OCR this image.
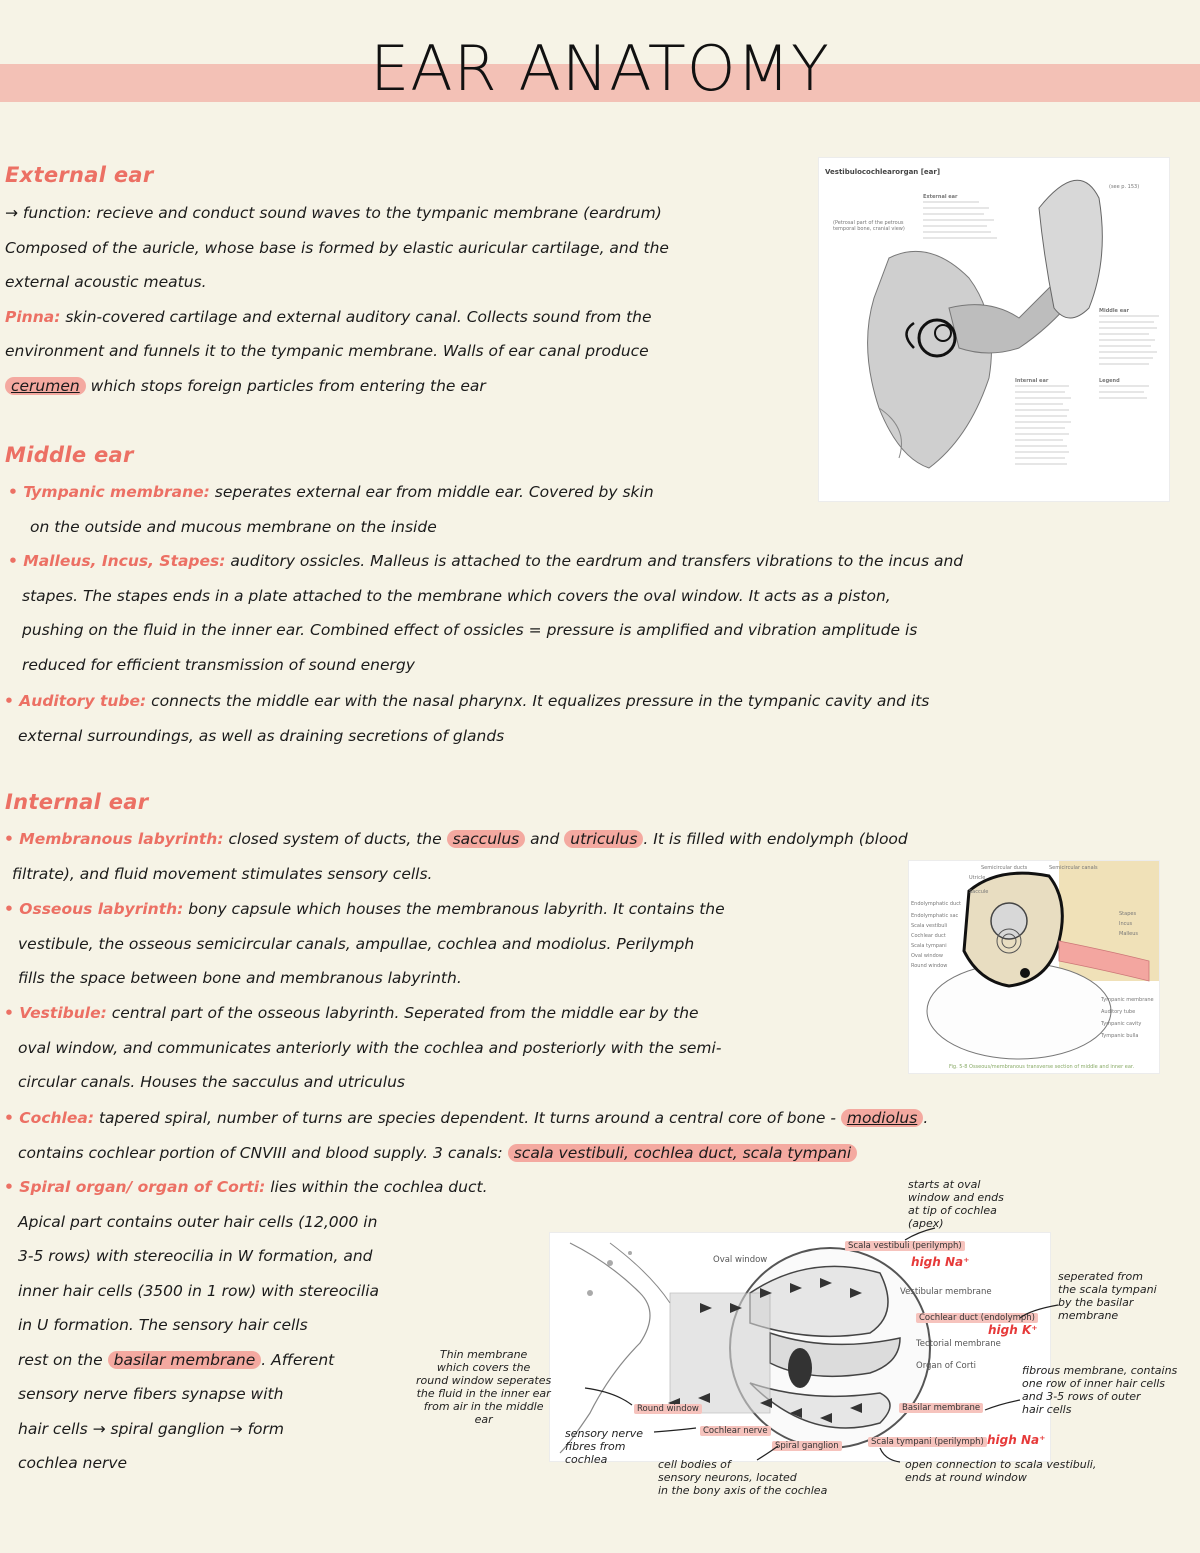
EAR ANATOMY
External ear

→ function: recieve and conduct sound waves to the tympanic membrane (eardrum)

Composed of the auricle, whose base is formed by elastic auricular cartilage, and the

external acoustic meatus.

Pinna: skin-covered cartilage and external auditory canal. Collects sound from the

environment and funnels it to the tympanic membrane. Walls of ear canal produce

cerumen which stops foreign particles from entering the ear

Vestibulocochlearorgan [ear]
(see p. 153)
(Petrosal part of the petrous temporal bone, cranial view)
External ear
Middle ear
Internal ear	Legend
Middle ear

• Tympanic membrane: seperates external ear from middle ear. Covered by skin

on the outside and mucous membrane on the inside

• Malleus, Incus, Stapes: auditory ossicles. Malleus is attached to the eardrum and transfers vibrations to the incus and

stapes. The stapes ends in a plate attached to the membrane which covers the oval window. It acts as a piston,

pushing on the fluid in the inner ear. Combined effect of ossicles = pressure is amplified and vibration amplitude is

reduced for efficient transmission of sound energy

• Auditory tube: connects the middle ear with the nasal pharynx. It equalizes pressure in the tympanic cavity and its

external surroundings, as well as draining secretions of glands

Internal ear

• Membranous labyrinth: closed system of ducts, the sacculus and utriculus . It is filled with endolymph (blood

filtrate), and fluid movement stimulates sensory cells.

• Osseous labyrinth: bony capsule which houses the membranous labyrith. It contains the

vestibule, the osseous semicircular canals, ampullae, cochlea and modiolus. Perilymph

fills the space between bone and membranous labyrinth.

• Vestibule: central part of the osseous labyrinth. Seperated from the middle ear by the

oval window, and communicates anteriorly with the cochlea and posteriorly with the semi-

circular canals. Houses the sacculus and utriculus

• Cochlea: tapered spiral, number of turns are species dependent. It turns around a central core of bone - modiolus .

contains cochlear portion of CNVIII and blood supply. 3 canals: scala vestibuli, cochlea duct, scala tympani

• Spiral organ/ organ of Corti: lies within the cochlea duct.

Apical part contains outer hair cells (12,000 in

3-5 rows) with stereocilia in W formation, and

inner hair cells (3500 in 1 row) with stereocilia

in U formation. The sensory hair cells

rest on the basilar membrane . Afferent

sensory nerve fibers synapse with

hair cells → spiral ganglion → form

cochlea nerve

Semicircular ducts	Semicircular canals
Utricle
Saccule
Endolymphatic duct
Endolymphatic sac
Scala vestibuli
Cochlear duct
Scala tympani
Oval window
Round window
Tympanic membrane
Auditory tube
Tympanic cavity
Stapes
Incus
Malleus
Tympanic bulla
Fig. 5-8 Osseous/membranous transverse section of middle and inner ear.
Oval window
Scala vestibuli (perilymph)
Vestibular membrane
Cochlear duct (endolymph)
Tectorial membrane
Organ of Corti
Round window	Basilar membrane
Cochlear nerve
Spiral ganglion	Scala tympani (perilymph)
starts at oval
window and ends
at tip of cochlea
(apex)
high Na⁺
high K⁺
high Na⁺
seperated from
the scala tympani
by the basilar
membrane
Thin membrane
which covers the
round window seperates
the fluid in the inner ear
from air in the middle
ear
fibrous membrane, contains
one row of inner hair cells
and 3-5 rows of outer
hair cells
sensory nerve
fibres from
cochlea	cell bodies of
sensory neurons, located
in the bony axis of the cochlea
open connection to scala vestibuli,
ends at round window
